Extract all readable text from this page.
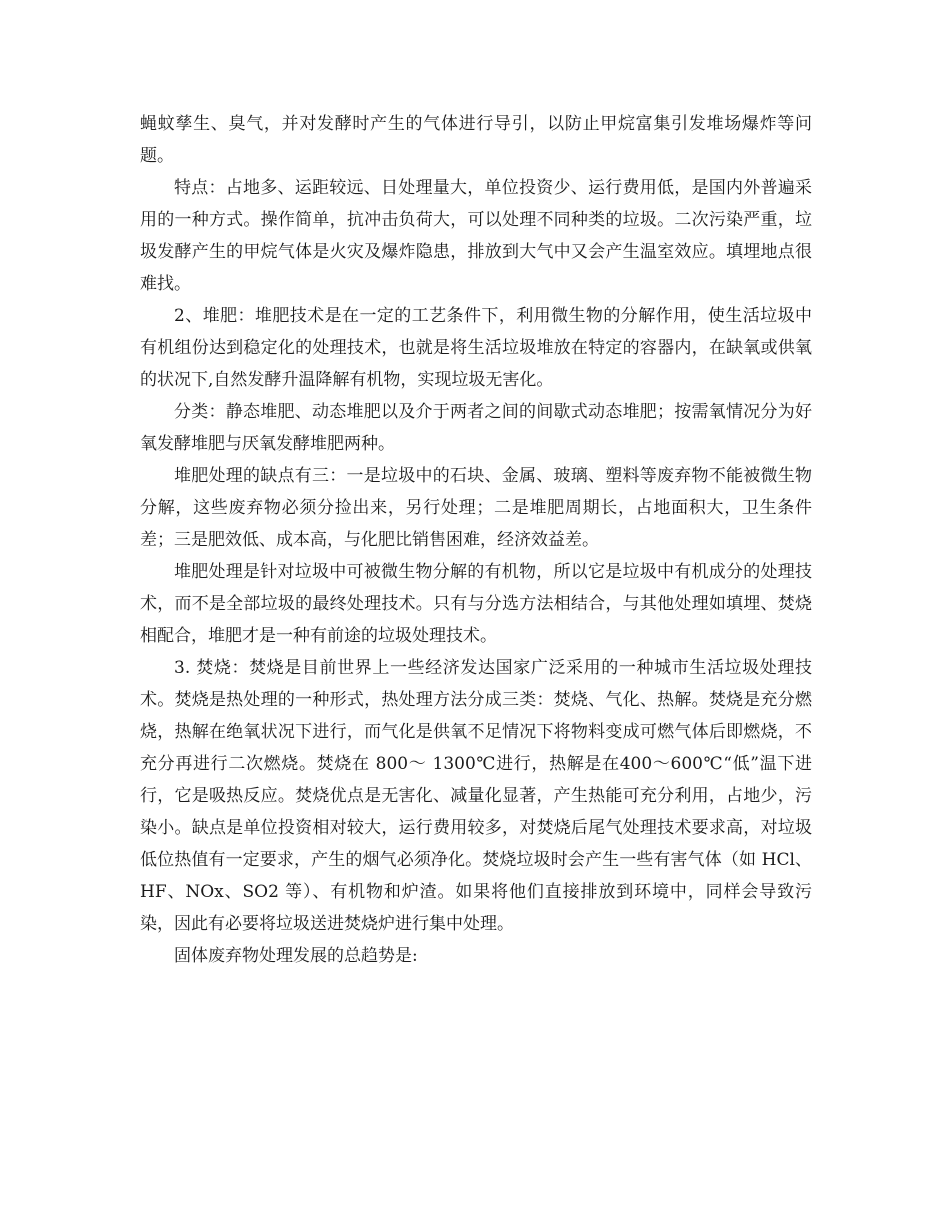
蝇蚊孳生、臭气，并对发酵时产生的气体进行导引，以防止甲烷富集引发堆场爆炸等问题。

特点：占地多、运距较远、日处理量大，单位投资少、运行费用低，是国内外普遍采用的一种方式。操作简单，抗冲击负荷大，可以处理不同种类的垃圾。二次污染严重，垃圾发酵产生的甲烷气体是火灾及爆炸隐患，排放到大气中又会产生温室效应。填埋地点很难找。

2、堆肥：堆肥技术是在一定的工艺条件下，利用微生物的分解作用，使生活垃圾中有机组份达到稳定化的处理技术，也就是将生活垃圾堆放在特定的容器内，在缺氧或供氧的状况下,自然发酵升温降解有机物，实现垃圾无害化。

分类：静态堆肥、动态堆肥以及介于两者之间的间歇式动态堆肥；按需氧情况分为好氧发酵堆肥与厌氧发酵堆肥两种。

堆肥处理的缺点有三：一是垃圾中的石块、金属、玻璃、塑料等废弃物不能被微生物分解，这些废弃物必须分捡出来，另行处理；二是堆肥周期长，占地面积大，卫生条件差；三是肥效低、成本高，与化肥比销售困难，经济效益差。

堆肥处理是针对垃圾中可被微生物分解的有机物，所以它是垃圾中有机成分的处理技术，而不是全部垃圾的最终处理技术。只有与分选方法相结合，与其他处理如填埋、焚烧相配合，堆肥才是一种有前途的垃圾处理技术。

3. 焚烧：焚烧是目前世界上一些经济发达国家广泛采用的一种城市生活垃圾处理技术。焚烧是热处理的一种形式，热处理方法分成三类：焚烧、气化、热解。焚烧是充分燃烧，热解在绝氧状况下进行，而气化是供氧不足情况下将物料变成可燃气体后即燃烧，不充分再进行二次燃烧。焚烧在 800～ 1300℃进行，热解是在400～600℃“低”温下进行，它是吸热反应。焚烧优点是无害化、减量化显著，产生热能可充分利用，占地少，污染小。缺点是单位投资相对较大，运行费用较多，对焚烧后尾气处理技术要求高，对垃圾低位热值有一定要求，产生的烟气必须净化。焚烧垃圾时会产生一些有害气体（如 HCl、HF、NOx、SO2 等）、有机物和炉渣。如果将他们直接排放到环境中，同样会导致污染，因此有必要将垃圾送进焚烧炉进行集中处理。

固体废弃物处理发展的总趋势是:
